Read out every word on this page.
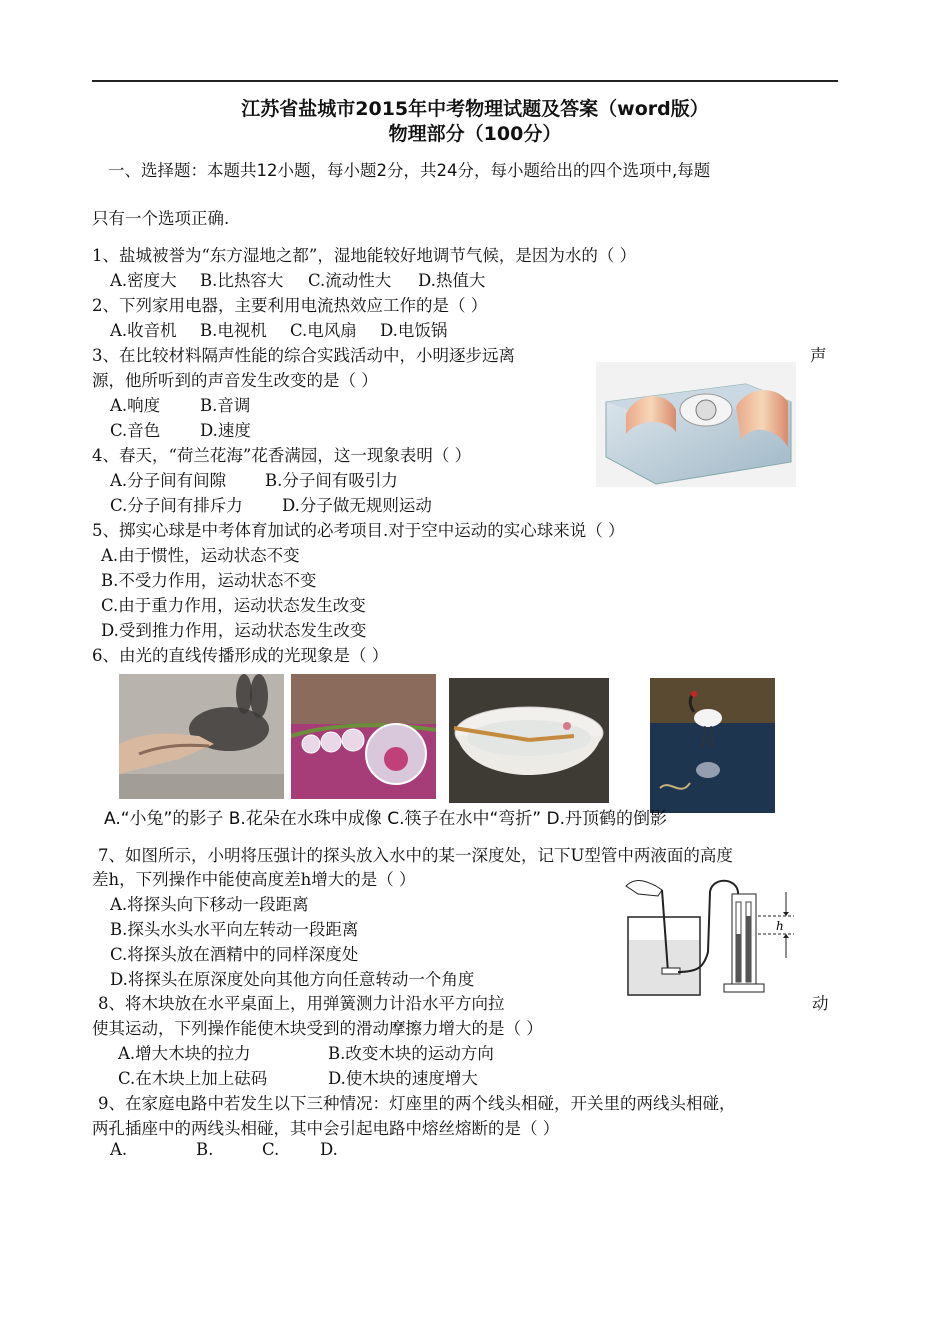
江苏省盐城市2015年中考物理试题及答案（word版）
物理部分（100分）
一、选择题：本题共12小题，每小题2分，共24分，每小题给出的四个选项中,每题
只有一个选项正确.
1、盐城被誉为“东方湿地之都”，湿地能较好地调节气候，是因为水的（ ）
A.密度大 B.比热容大 C.流动性大 D.热值大
2、下列家用电器，主要利用电流热效应工作的是（ ）
A.收音机 B.电视机 C.电风扇 D.电饭锅
3、在比较材料隔声性能的综合实践活动中，小明逐步远离	声
源，他所听到的声音发生改变的是（ ）
A.响度 B.音调
C.音色 D.速度
4、春天，“荷兰花海”花香满园，这一现象表明（ ）
A.分子间有间隙 B.分子间有吸引力
C.分子间有排斥力 D.分子做无规则运动
5、掷实心球是中考体育加试的必考项目.对于空中运动的实心球来说（ ）
A.由于惯性，运动状态不变
B.不受力作用，运动状态不变
C.由于重力作用，运动状态发生改变
D.受到推力作用，运动状态发生改变
6、由光的直线传播形成的光现象是（ ）
A.“小兔”的影子 B.花朵在水珠中成像 C.筷子在水中“弯折” D.丹顶鹤的倒影
7、如图所示，小明将压强计的探头放入水中的某一深度处，记下U型管中两液面的高度
差h，下列操作中能使高度差h增大的是（ ）
A.将探头向下移动一段距离
B.探头水头水平向左转动一段距离
C.将探头放在酒精中的同样深度处
D.将探头在原深度处向其他方向任意转动一个角度
h
8、将木块放在水平桌面上，用弹簧测力计沿水平方向拉	动
使其运动，下列操作能使木块受到的滑动摩擦力增大的是（ ）
A.增大木块的拉力	B.改变木块的运动方向
C.在木块上加上砝码	D.使木块的速度增大
9、在家庭电路中若发生以下三种情况：灯座里的两个线头相碰，开关里的两线头相碰，
两孔插座中的两线头相碰，其中会引起电路中熔丝熔断的是（ ）
A.	B.	C. D.
